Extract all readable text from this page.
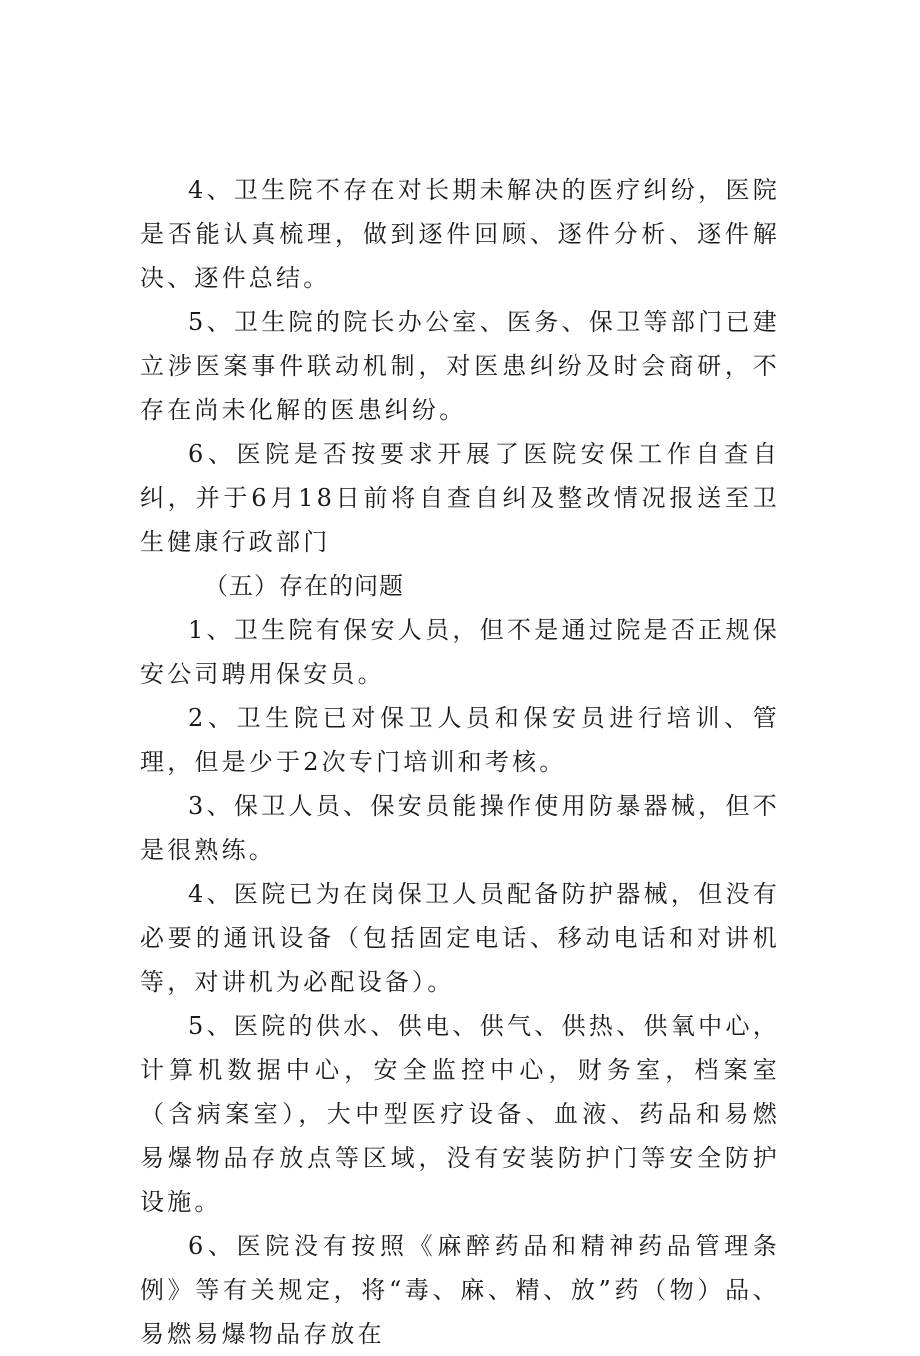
4、卫生院不存在对长期未解决的医疗纠纷，医院是否能认真梳理，做到逐件回顾、逐件分析、逐件解决、逐件总结。

5、卫生院的院长办公室、医务、保卫等部门已建立涉医案事件联动机制，对医患纠纷及时会商研，不存在尚未化解的医患纠纷。

6、医院是否按要求开展了医院安保工作自查自纠，并于6月18日前将自查自纠及整改情况报送至卫生健康行政部门

（五）存在的问题

1、卫生院有保安人员，但不是通过院是否正规保安公司聘用保安员。

2、卫生院已对保卫人员和保安员进行培训、管理，但是少于2次专门培训和考核。

3、保卫人员、保安员能操作使用防暴器械，但不是很熟练。

4、医院已为在岗保卫人员配备防护器械，但没有必要的通讯设备（包括固定电话、移动电话和对讲机等，对讲机为必配设备）。

5、医院的供水、供电、供气、供热、供氧中心，计算机数据中心，安全监控中心，财务室，档案室（含病案室），大中型医疗设备、血液、药品和易燃易爆物品存放点等区域，没有安装防护门等安全防护设施。

6、医院没有按照《麻醉药品和精神药品管理条例》等有关规定，将“毒、麻、精、放”药（物）品、易燃易爆物品存放在
